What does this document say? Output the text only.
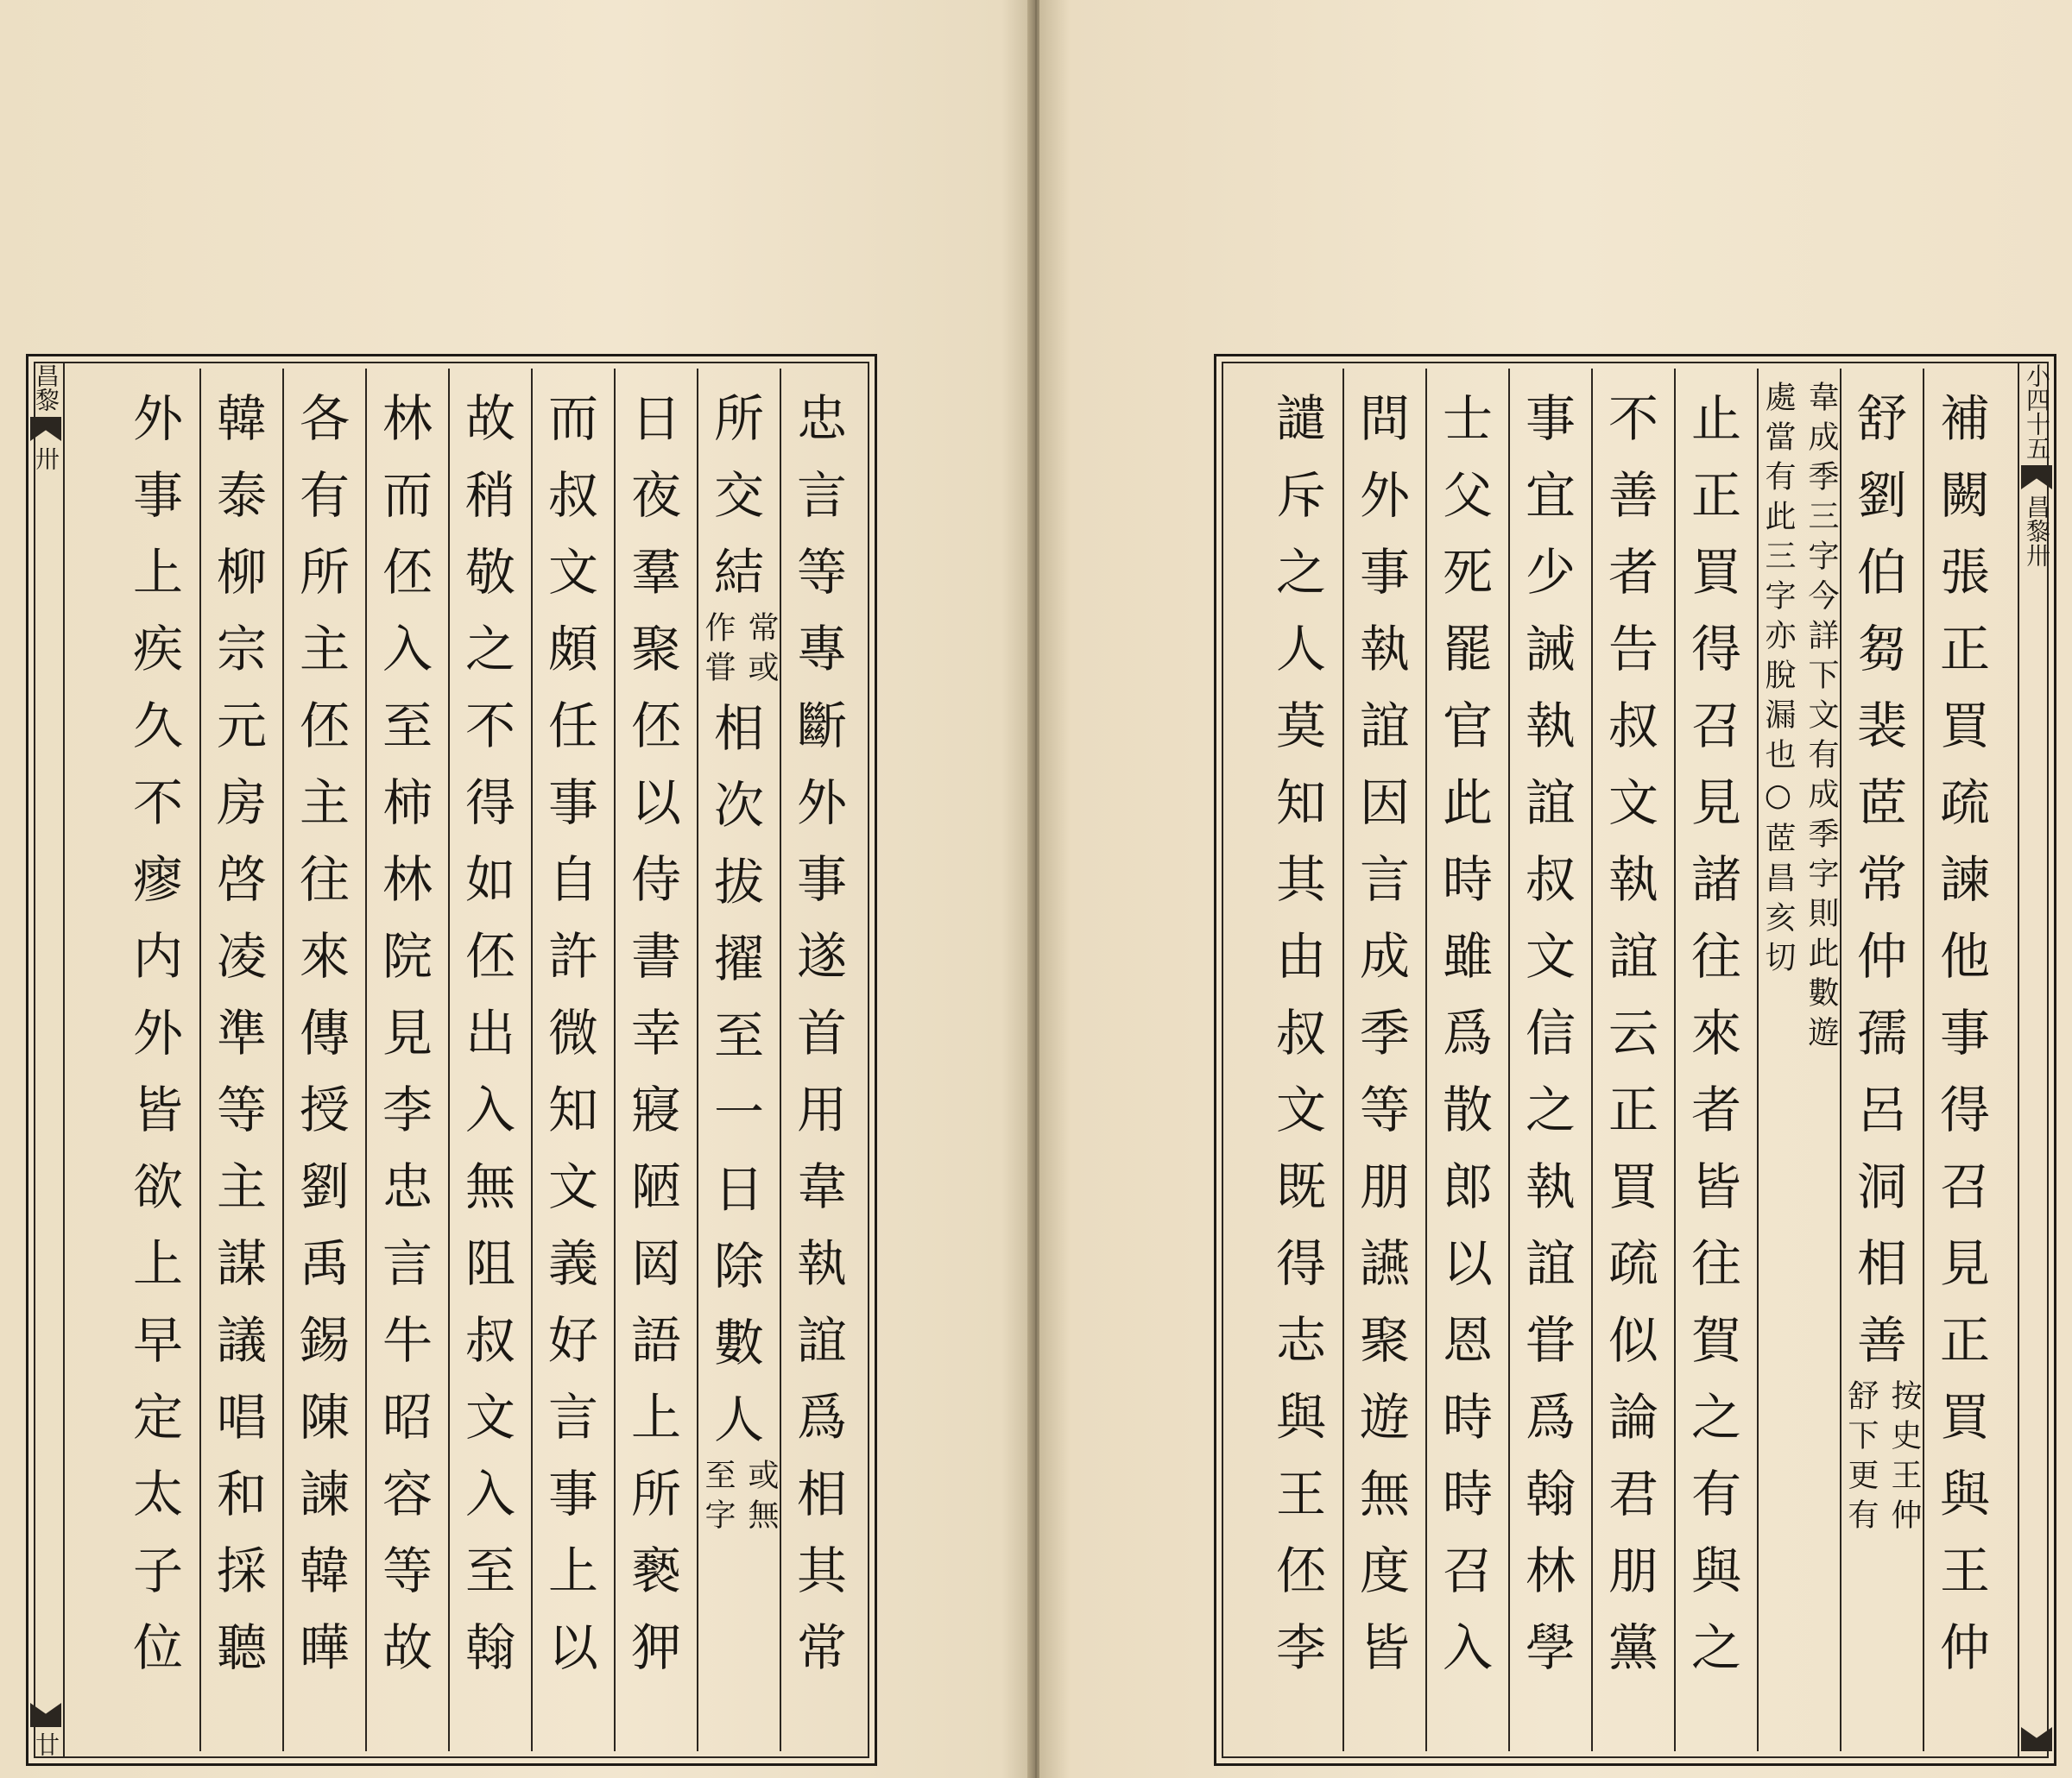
昌黎
卅
廿
忠
言
等
專
斷
外
事
遂
首
用
韋
執
誼
爲
相
其
常
所
交
結
常或
作甞
相
次
拔
擢
至
一
日
除
數
人
或無
至字
日
夜
羣
聚
伾
以
侍
書
幸
寢
陋
㒺
語
上
所
褻
狎
而
叔
文
頗
任
事
自
許
微
知
文
義
好
言
事
上
以
故
稍
敬
之
不
得
如
伾
出
入
無
阻
叔
文
入
至
翰
林
而
伾
入
至
柿
林
院
見
李
忠
言
牛
昭
容
等
故
各
有
所
主
伾
主
往
來
傳
授
劉
禹
錫
陳
諫
韓
曄
韓
泰
柳
宗
元
房
啓
凌
準
等
主
謀
議
唱
和
採
聽
外
事
上
疾
久
不
瘳
内
外
皆
欲
上
早
定
太
子
位
小四十五
昌黎
卅
補
闕
張
正
買
疏
諫
他
事
得
召
見
正
買
與
王
仲
舒
劉
伯
芻
裴
茝
常
仲
孺
呂
洞
相
善
按史王仲
舒下更有
韋成季三字今詳下文有成季字則此數遊
處當有此三字亦脫漏也○茝昌亥切
止
正
買
得
召
見
諸
往
來
者
皆
往
賀
之
有
與
之
不
善
者
告
叔
文
執
誼
云
正
買
疏
似
論
君
朋
黨
事
宜
少
誡
執
誼
叔
文
信
之
執
誼
甞
爲
翰
林
學
士
父
死
罷
官
此
時
雖
爲
散
郎
以
恩
時
時
召
入
問
外
事
執
誼
因
言
成
季
等
朋
讌
聚
遊
無
度
皆
譴
斥
之
人
莫
知
其
由
叔
文
既
得
志
與
王
伾
李
